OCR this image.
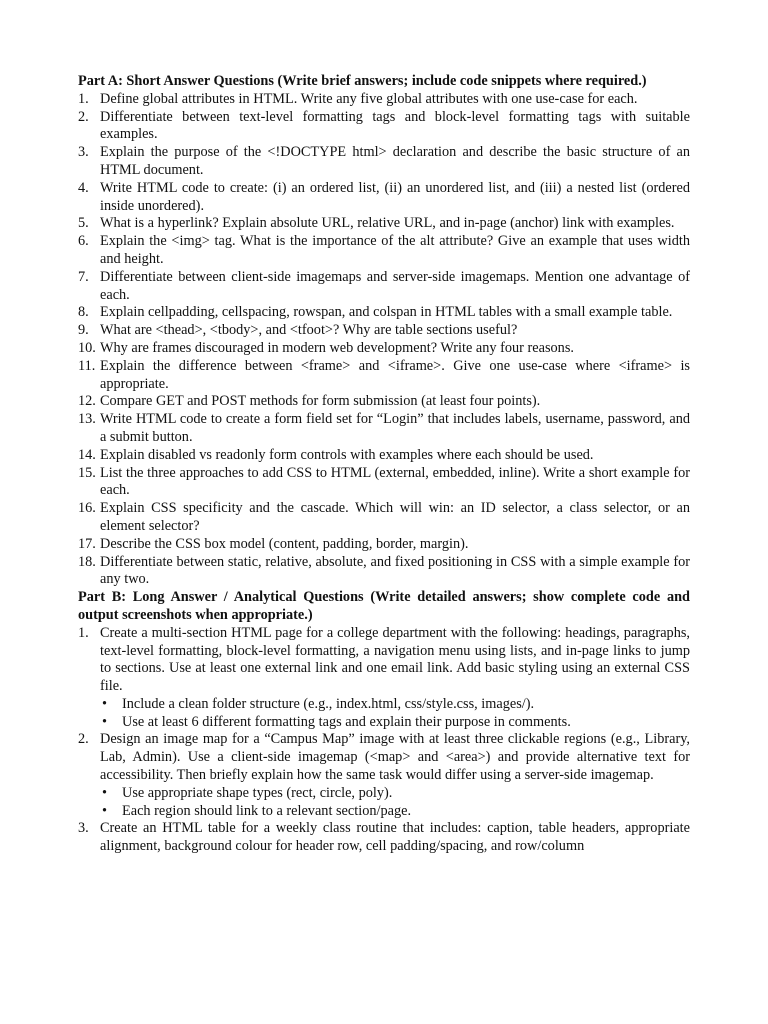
Part A: Short Answer Questions (Write brief answers; include code snippets where required.)
1. Define global attributes in HTML. Write any five global attributes with one use-case for each.
2. Differentiate between text-level formatting tags and block-level formatting tags with suitable examples.
3. Explain the purpose of the <!DOCTYPE html> declaration and describe the basic structure of an HTML document.
4. Write HTML code to create: (i) an ordered list, (ii) an unordered list, and (iii) a nested list (ordered inside unordered).
5. What is a hyperlink? Explain absolute URL, relative URL, and in-page (anchor) link with examples.
6. Explain the <img> tag. What is the importance of the alt attribute? Give an example that uses width and height.
7. Differentiate between client-side imagemaps and server-side imagemaps. Mention one advantage of each.
8. Explain cellpadding, cellspacing, rowspan, and colspan in HTML tables with a small example table.
9. What are <thead>, <tbody>, and <tfoot>? Why are table sections useful?
10. Why are frames discouraged in modern web development? Write any four reasons.
11. Explain the difference between <frame> and <iframe>. Give one use-case where <iframe> is appropriate.
12. Compare GET and POST methods for form submission (at least four points).
13. Write HTML code to create a form field set for “Login” that includes labels, username, password, and a submit button.
14. Explain disabled vs readonly form controls with examples where each should be used.
15. List the three approaches to add CSS to HTML (external, embedded, inline). Write a short example for each.
16. Explain CSS specificity and the cascade. Which will win: an ID selector, a class selector, or an element selector?
17. Describe the CSS box model (content, padding, border, margin).
18. Differentiate between static, relative, absolute, and fixed positioning in CSS with a simple example for any two.
Part B: Long Answer / Analytical Questions (Write detailed answers; show complete code and output screenshots when appropriate.)
1. Create a multi-section HTML page for a college department with the following: headings, paragraphs, text-level formatting, block-level formatting, a navigation menu using lists, and in-page links to jump to sections. Use at least one external link and one email link. Add basic styling using an external CSS file.
•	Include a clean folder structure (e.g., index.html, css/style.css, images/).
•	Use at least 6 different formatting tags and explain their purpose in comments.
2. Design an image map for a “Campus Map” image with at least three clickable regions (e.g., Library, Lab, Admin). Use a client-side imagemap (<map> and <area>) and provide alternative text for accessibility. Then briefly explain how the same task would differ using a server-side imagemap.
•	Use appropriate shape types (rect, circle, poly).
•	Each region should link to a relevant section/page.
3. Create an HTML table for a weekly class routine that includes: caption, table headers, appropriate alignment, background colour for header row, cell padding/spacing, and row/column
